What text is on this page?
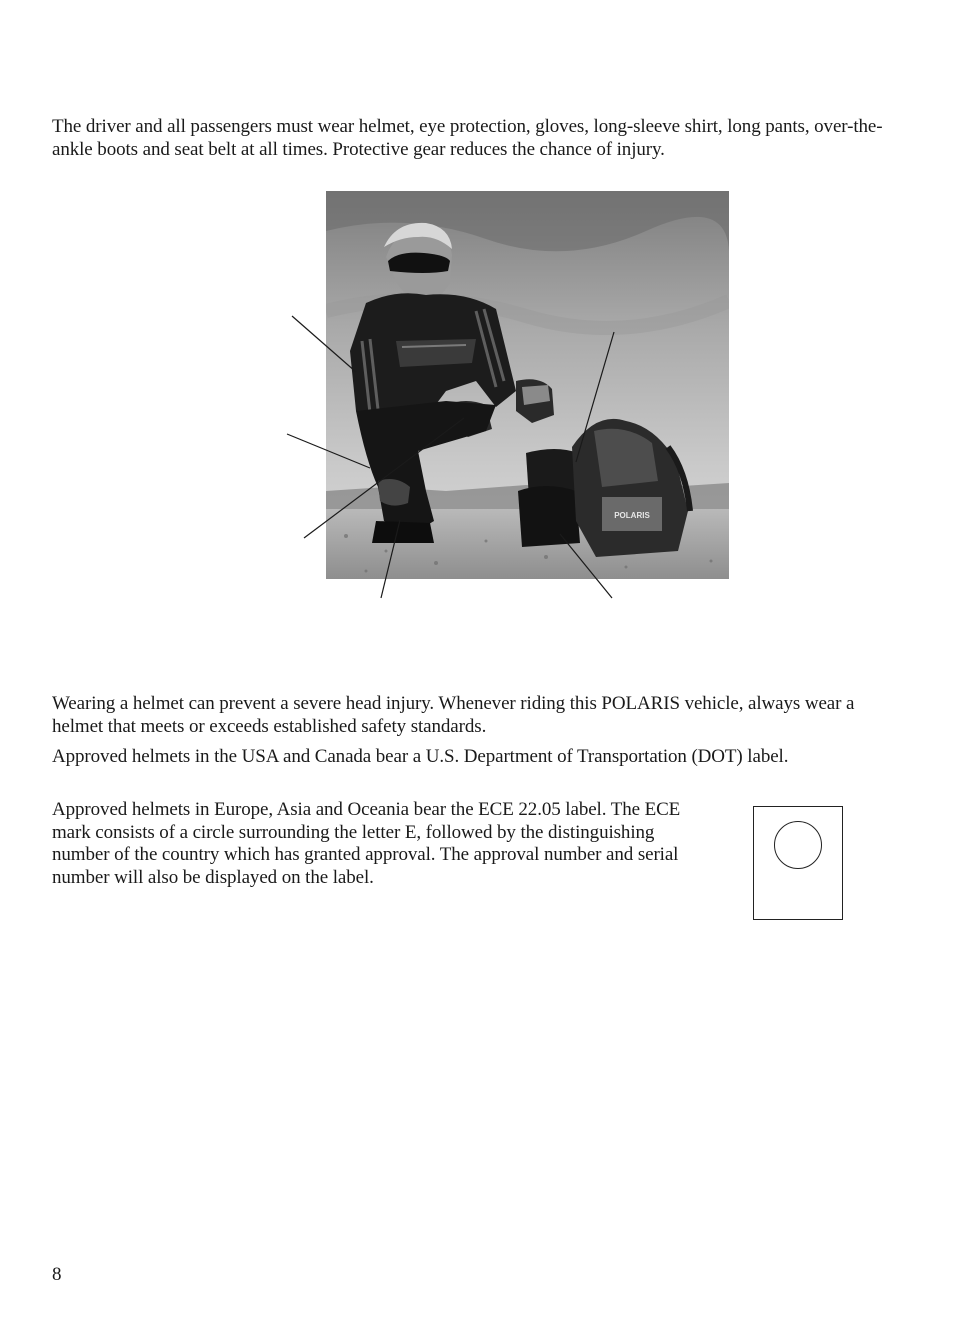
The driver and all passengers must wear helmet, eye protection, gloves, long-sleeve shirt, long pants, over-the-ankle boots and seat belt at all times. Protective gear reduces the chance of injury.

POLARIS

Wearing a helmet can prevent a severe head injury. Whenever riding this POLARIS vehicle, always wear a helmet that meets or exceeds established safety standards.

Approved helmets in the USA and Canada bear a U.S. Department of Transportation (DOT) label.

Approved helmets in Europe, Asia and Oceania bear the ECE 22.05 label. The ECE mark consists of a circle surrounding the letter E, followed by the distinguishing number of the country which has granted approval. The approval number and serial number will also be displayed on the label.

8
